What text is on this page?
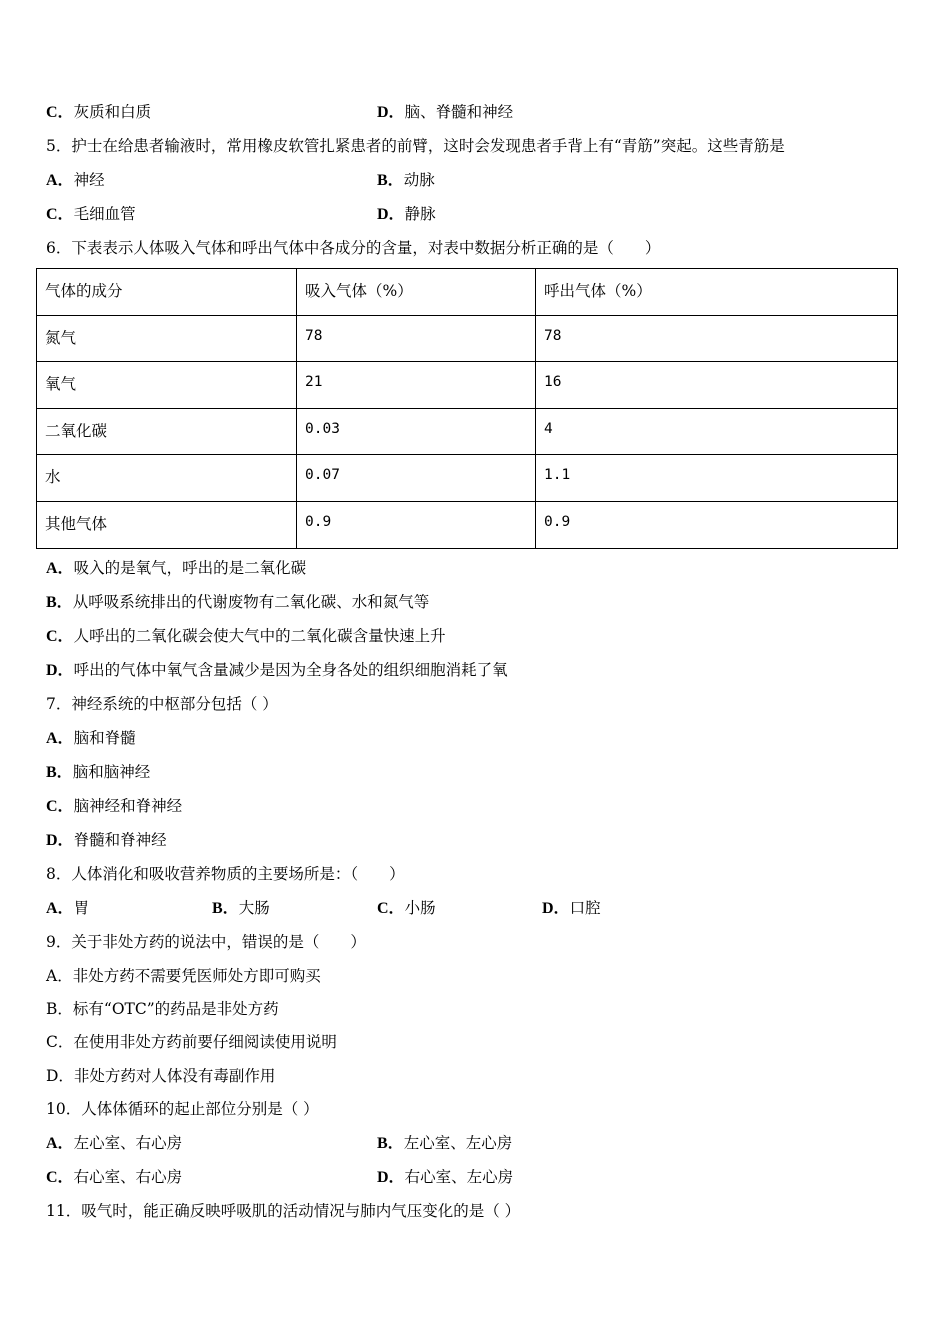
C．灰质和白质	D．脑、脊髓和神经
5．护士在给患者输液时，常用橡皮软管扎紧患者的前臂，这时会发现患者手背上有“青筋”突起。这些青筋是
A．神经	B．动脉
C．毛细血管	D．静脉
6．下表表示人体吸入气体和呼出气体中各成分的含量，对表中数据分析正确的是（　　）
气体的成分	吸入气体（%）	呼出气体（%）
氮气	78	78
氧气	21	16
二氧化碳	0.03	4
水	0.07	1.1
其他气体	0.9	0.9
A．吸入的是氧气，呼出的是二氧化碳
B．从呼吸系统排出的代谢废物有二氧化碳、水和氮气等
C．人呼出的二氧化碳会使大气中的二氧化碳含量快速上升
D．呼出的气体中氧气含量减少是因为全身各处的组织细胞消耗了氧
7．神经系统的中枢部分包括（ ）
A．脑和脊髓
B．脑和脑神经
C．脑神经和脊神经
D．脊髓和脊神经
8．人体消化和吸收营养物质的主要场所是：（　　）
A．胃	B．大肠	C．小肠	D．口腔
9．关于非处方药的说法中，错误的是（　　）
A．非处方药不需要凭医师处方即可购买
B．标有“OTC”的药品是非处方药
C．在使用非处方药前要仔细阅读使用说明
D．非处方药对人体没有毒副作用
10．人体体循环的起止部位分别是（ ）
A．左心室、右心房	B．左心室、左心房
C．右心室、右心房	D．右心室、左心房
11．吸气时，能正确反映呼吸肌的活动情况与肺内气压变化的是（ ）
